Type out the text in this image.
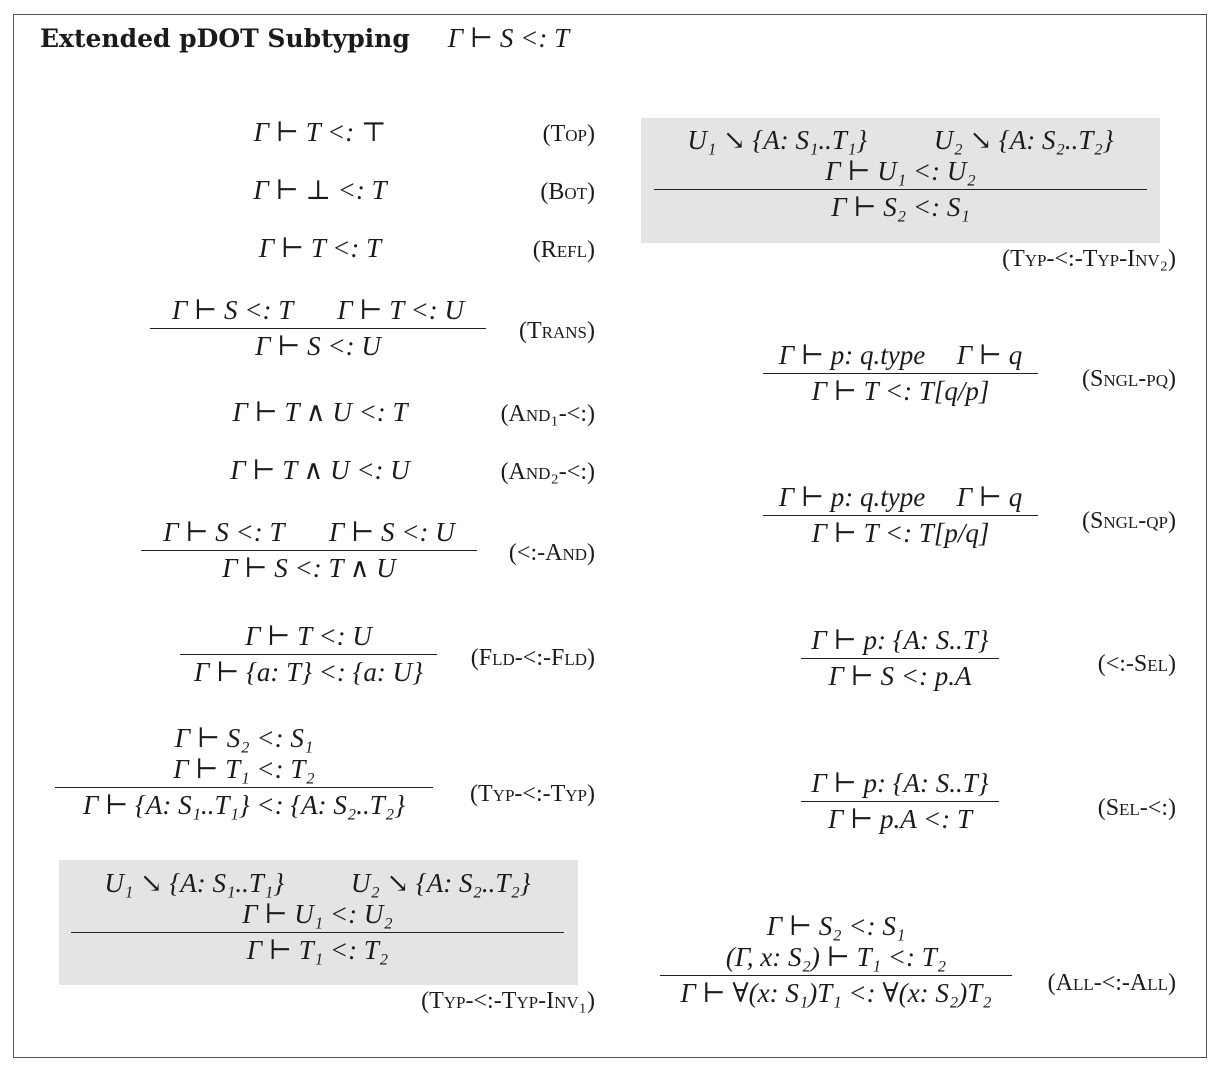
Extended pDOT Subtyping Γ ⊢ S <: T
Γ ⊢ T <: ⊤	(Top)
Γ ⊢ ⊥ <: T	(Bot)
Γ ⊢ T <: T	(Refl)
Γ ⊢ S <: T Γ ⊢ T <: U
Γ ⊢ S <: U
(Trans)
Γ ⊢ T ∧ U <: T	(And₁-<:)
Γ ⊢ T ∧ U <: U	(And₂-<:)
Γ ⊢ S <: T Γ ⊢ S <: U
Γ ⊢ S <: T ∧ U
(<:-And)
Γ ⊢ T <: U
Γ ⊢ {a: T} <: {a: U}	(Fld-<:-Fld)
Γ ⊢ S₂ <: S₁
Γ ⊢ T₁ <: T₂
Γ ⊢ {A: S₁..T₁} <: {A: S₂..T₂}	(Typ-<:-Typ)
U₁ ↘ {A: S₁..T₁} U₂ ↘ {A: S₂..T₂}
Γ ⊢ U₁ <: U₂
Γ ⊢ T₁ <: T₂
(Typ-<:-Typ-Inv₁)
U₁ ↘ {A: S₁..T₁} U₂ ↘ {A: S₂..T₂}
Γ ⊢ U₁ <: U₂
Γ ⊢ S₂ <: S₁
(Typ-<:-Typ-Inv₂)
Γ ⊢ p: q.type Γ ⊢ q
Γ ⊢ T <: T[q/p]	(Sngl-pq)
Γ ⊢ p: q.type Γ ⊢ q
Γ ⊢ T <: T[p/q]	(Sngl-qp)
Γ ⊢ p: {A: S..T}
Γ ⊢ S <: p.A	(<:-Sel)
Γ ⊢ p: {A: S..T}
Γ ⊢ p.A <: T	(Sel-<:)
Γ ⊢ S₂ <: S₁
(Γ, x: S₂) ⊢ T₁ <: T₂
Γ ⊢ ∀(x: S₁)T₁ <: ∀(x: S₂)T₂	(All-<:-All)
